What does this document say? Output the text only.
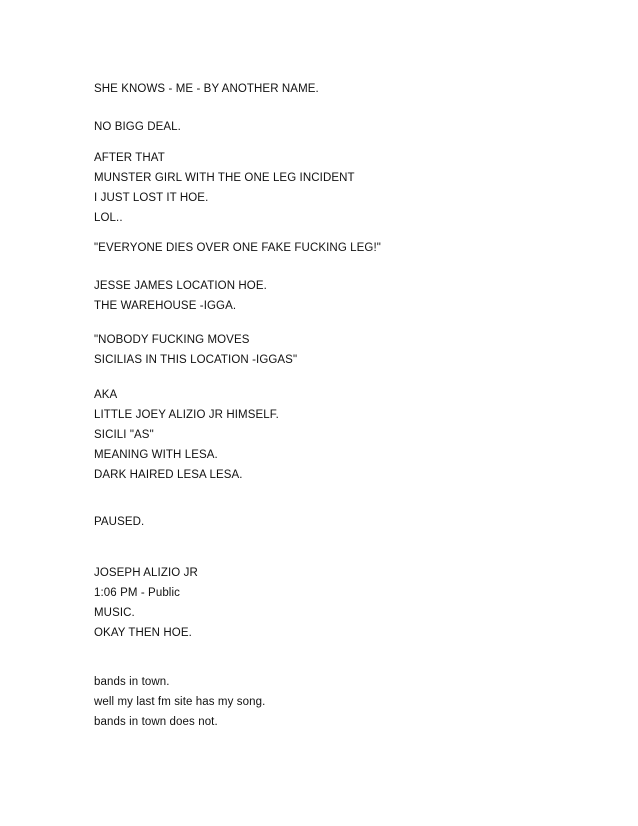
SHE KNOWS - ME - BY ANOTHER NAME.
NO BIGG DEAL.
AFTER THAT
MUNSTER GIRL WITH THE ONE LEG INCIDENT
I JUST LOST IT HOE.
LOL..
"EVERYONE DIES OVER ONE FAKE FUCKING LEG!"
JESSE JAMES LOCATION HOE.
THE WAREHOUSE -IGGA.
"NOBODY FUCKING MOVES
SICILIAS IN THIS LOCATION -IGGAS"
AKA
LITTLE JOEY ALIZIO JR HIMSELF.
SICILI "AS"
MEANING WITH LESA.
DARK HAIRED LESA LESA.
PAUSED.
JOSEPH ALIZIO JR
1:06 PM - Public
MUSIC.
OKAY THEN HOE.
bands in town.
well my last fm site has my song.
bands in town does not.
